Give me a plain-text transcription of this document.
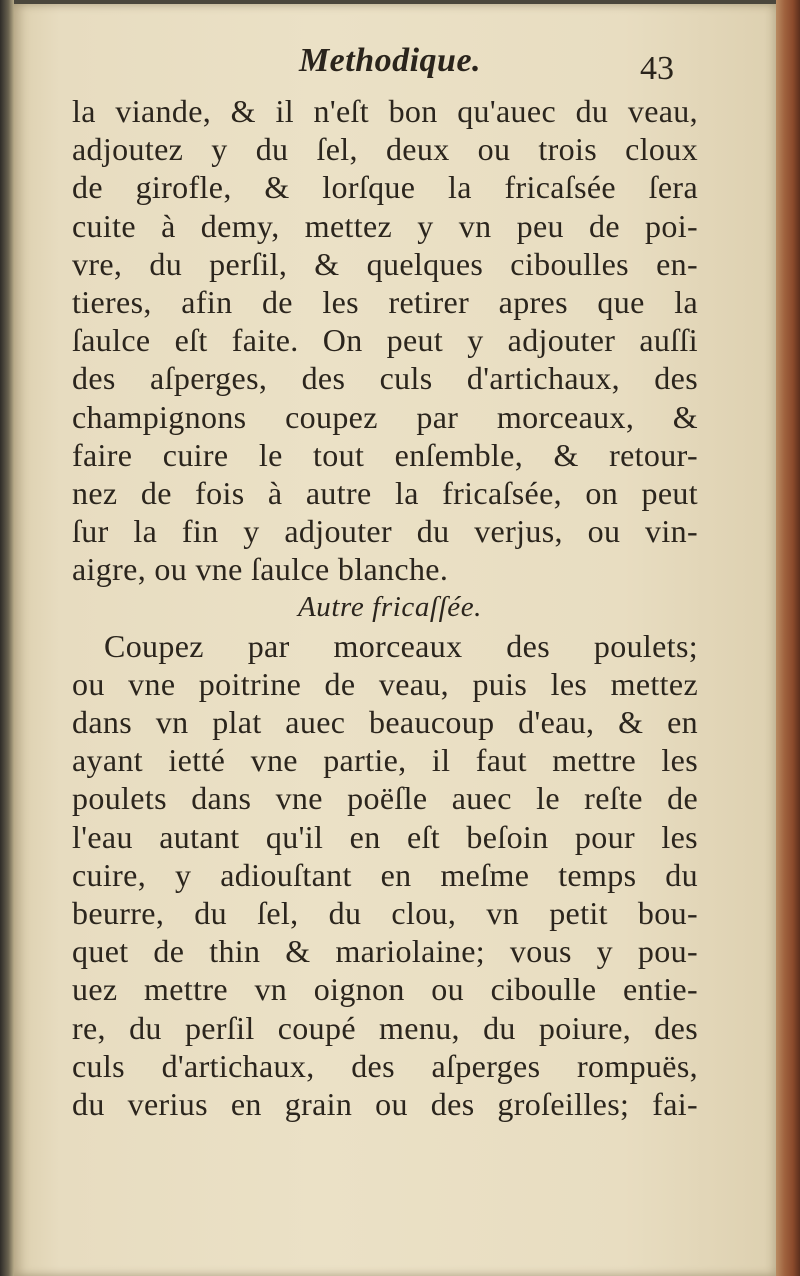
Methodique.	43
la viande, & il n'eſt bon qu'auec du veau,
adjoutez y du ſel, deux ou trois cloux
de girofle, & lorſque la fricaſsée ſera
cuite à demy, mettez y vn peu de poi-
vre, du perſil, & quelques ciboulles en-
tieres, afin de les retirer apres que la
ſaulce eſt faite. On peut y adjouter auſſi
des aſperges, des culs d'artichaux, des
champignons coupez par morceaux, &
faire cuire le tout enſemble, & retour-
nez de fois à autre la fricaſsée, on peut
ſur la fin y adjouter du verjus, ou vin-
aigre, ou vne ſaulce blanche.
Autre fricaſſée.
Coupez par morceaux des poulets;
ou vne poitrine de veau, puis les mettez
dans vn plat auec beaucoup d'eau, & en
ayant ietté vne partie, il faut mettre les
poulets dans vne poëſle auec le reſte de
l'eau autant qu'il en eſt beſoin pour les
cuire, y adiouſtant en meſme temps du
beurre, du ſel, du clou, vn petit bou-
quet de thin & mariolaine; vous y pou-
uez mettre vn oignon ou ciboulle entie-
re, du perſil coupé menu, du poiure, des
culs d'artichaux, des aſperges rompuës,
du verius en grain ou des groſeilles; fai-
